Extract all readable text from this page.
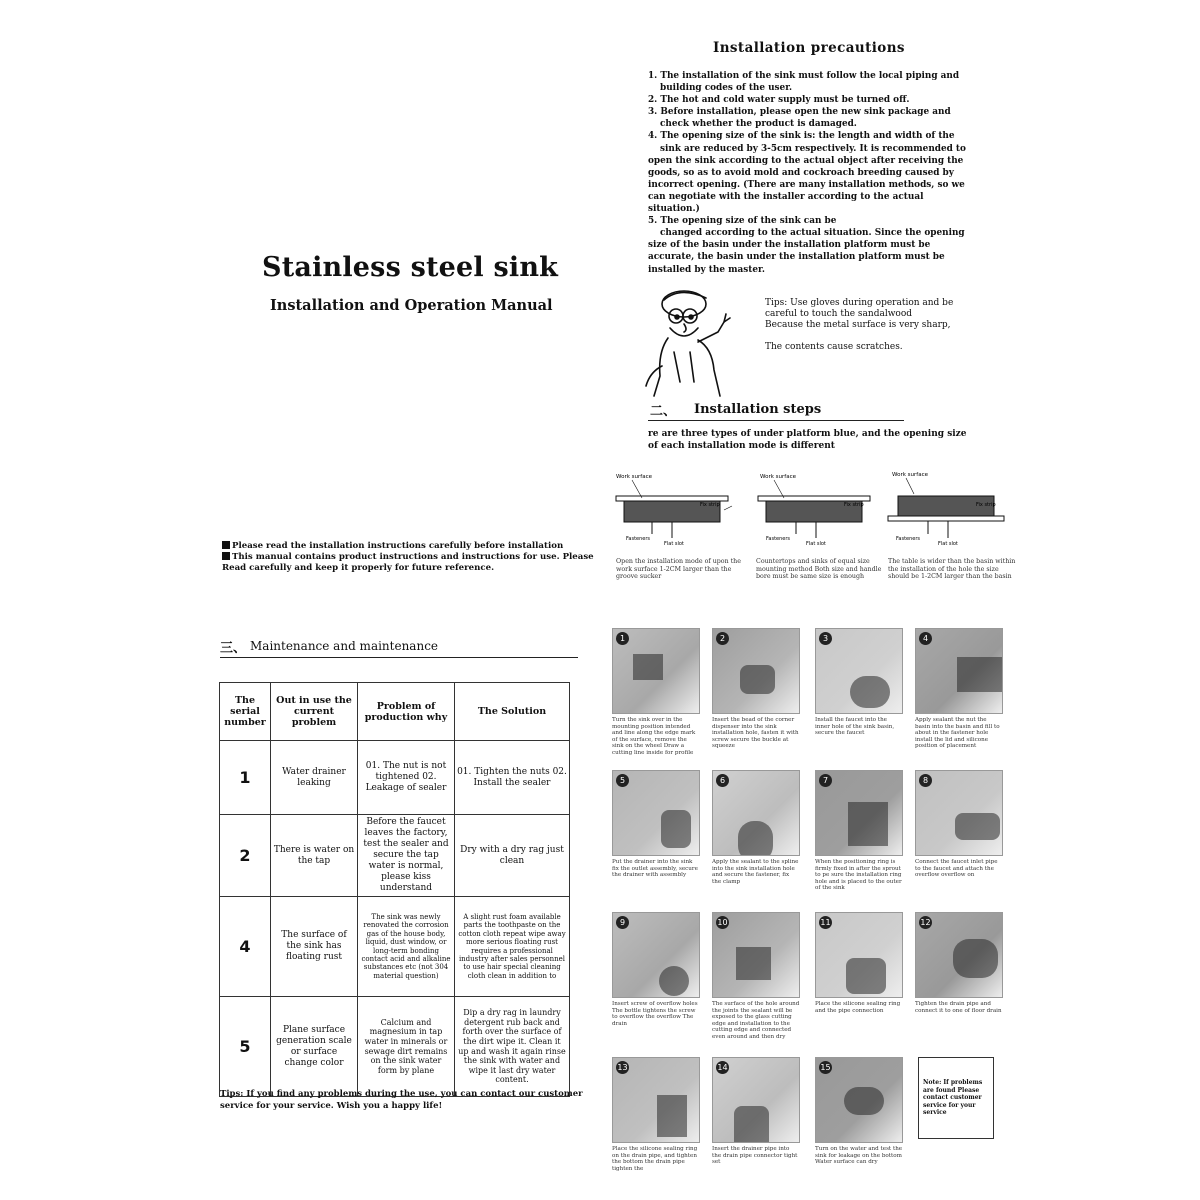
Stainless steel sink
Installation and Operation Manual

Please read the installation instructions carefully before installation

This manual contains product instructions and instructions for use. Please Read carefully and keep it properly for future reference.

Installation precautions

1. The installation of the sink must follow the local piping and
building codes of the user.

2. The hot and cold water supply must be turned off.

3. Before installation, please open the new sink package and
check whether the product is damaged.

4. The opening size of the sink is: the length and width of the
sink are reduced by 3-5cm respectively. It is recommended to open the sink according to the actual object after receiving the goods, so as to avoid mold and cockroach breeding caused by incorrect opening. (There are many installation methods, so we can negotiate with the installer according to the actual situation.)

5. The opening size of the sink can be
changed according to the actual situation. Since the opening size of the basin under the installation platform must be accurate, the basin under the installation platform must be installed by the master.

Tips: Use gloves during operation and be careful to touch the sandalwood

Because the metal surface is very sharp,

The contents cause scratches.

二、 Installation steps
re are three types of under platform blue, and the opening size of each installation mode is different
Work surface
Fix strip
Fasteners
Flat slot
Open the installation mode of upon the work surface 1-2CM larger than the groove sucker
Work surface
Fix strip
Fasteners
Flat slot
Countertops and sinks of equal size mounting method Both size and handle bore must be same size is enough
Work surface
Fix strip
Fasteners
Flat slot
The table is wider than the basin within the installation of the hole the size should be 1-2CM larger than the basin
三、 Maintenance and maintenance
The serial number	Out in use the current problem	Problem of production why	The Solution
1	Water drainer leaking	01. The nut is not tightened 02. Leakage of sealer	01. Tighten the nuts 02. Install the sealer
2	There is water on the tap	Before the faucet leaves the factory, test the sealer and secure the tap water is normal, please kiss understand	Dry with a dry rag just clean
4	The surface of the sink has floating rust	The sink was newly renovated the corrosion gas of the house body, liquid, dust window, or long-term bonding contact acid and alkaline substances etc (not 304 material question)	A slight rust foam available parts the toothpaste on the cotton cloth repeat wipe away more serious floating rust requires a professional industry after sales personnel to use hair special cleaning cloth clean in addition to
5	Plane surface generation scale or surface change color	Calcium and magnesium in tap water in minerals or sewage dirt remains on the sink water form by plane	Dip a dry rag in laundry detergent rub back and forth over the surface of the dirt wipe it. Clean it up and wash it again rinse the sink with water and wipe it last dry water content.
Tips: If you find any problems during the use, you can contact our customer service for your service. Wish you a happy life!
1
Turn the sink over in the mounting position intended and line along the edge mark of the surface, remove the sink on the wheel Draw a cutting line inside for profile
2
Insert the bead of the corner dispenser into the sink installation hole, fasten it with screw secure the buckle at squeeze
3
Install the faucet into the inner hole of the sink basin, secure the faucet
4
Apply sealant the nut the basin into the basin and fill to about in the fastener hole install the lid and silicone position of placement
5
Put the drainer into the sink fix the outlet assembly, secure the drainer with assembly
6
Apply the sealant to the spline into the sink installation hole and secure the fastener, fix the clamp
7
When the positioning ring is firmly fixed in after the sprout to pe sure the installation ring hole and is placed to the outer of the sink
8
Connect the faucet inlet pipe to the faucet and attach the overflow overflow on
9
Insert screw of overflow holes The bottle tightens the screw to overflow the overflow The drain
10
The surface of the hole around the joints the sealant will be exposed to the glass cutting edge and installation to the cutting edge and connected even around and then dry
11
Place the silicone sealing ring and the pipe connection
12
Tighten the drain pipe and connect it to one of floor drain
13
Place the silicone sealing ring on the drain pipe, and tighten the bottom the drain pipe tighten the
14
Insert the drainer pipe into the drain pipe connector tight set
15
Turn on the water and test the sink for leakage on the bottom Water surface can dry
Note: If problems are found Please contact customer service for your service
